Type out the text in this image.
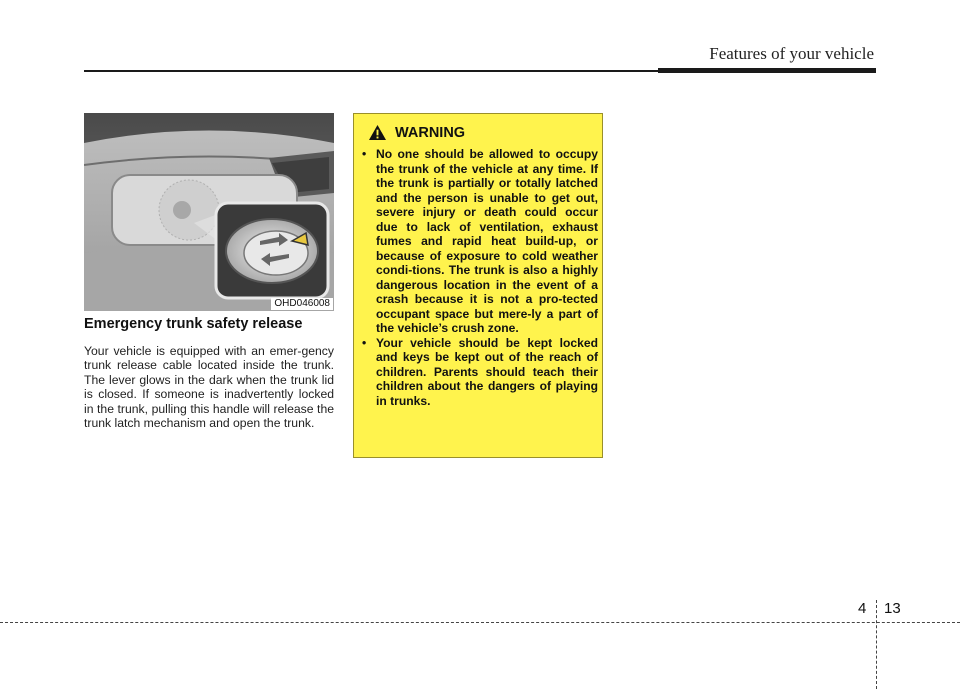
Features of your vehicle
OHD046008
Emergency trunk safety release

Your vehicle is equipped with an emer-gency trunk release cable located inside the trunk. The lever glows in the dark when the trunk lid is closed. If someone is inadvertently locked in the trunk, pulling this handle will release the trunk latch mechanism and open the trunk.

WARNING
• No one should be allowed to occupy the trunk of the vehicle at any time. If the trunk is partially or totally latched and the person is unable to get out, severe injury or death could occur due to lack of ventilation, exhaust fumes and rapid heat build-up, or because of exposure to cold weather condi-tions. The trunk is also a highly dangerous location in the event of a crash because it is not a pro-tected occupant space but mere-ly a part of the vehicle’s crush zone.
• Your vehicle should be kept locked and keys be kept out of the reach of children. Parents should teach their children about the dangers of playing in trunks.
4 13
